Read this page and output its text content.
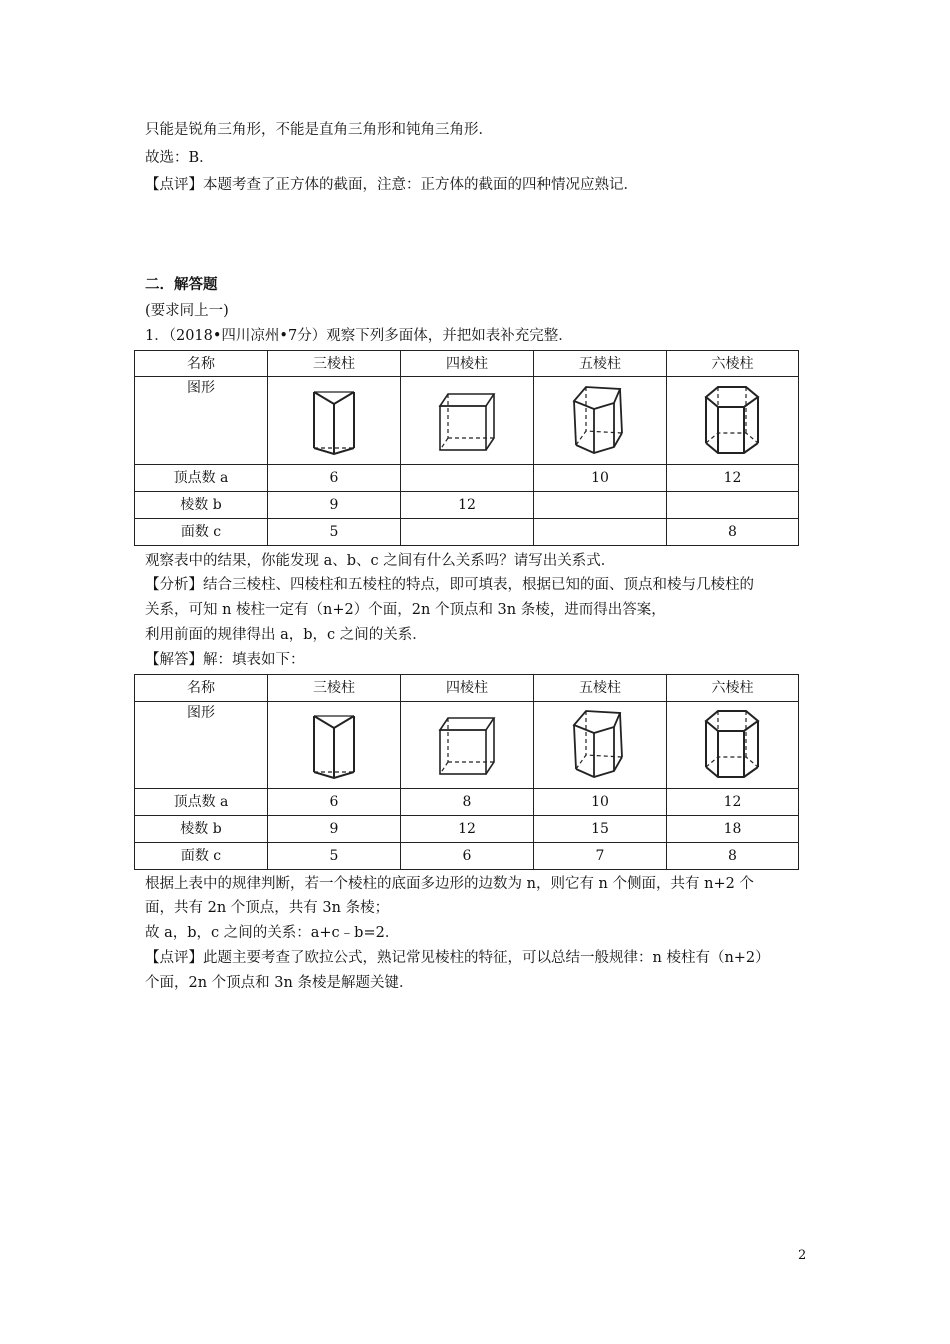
只能是锐角三角形，不能是直角三角形和钝角三角形．
故选：B．
【点评】本题考查了正方体的截面，注意：正方体的截面的四种情况应熟记．
二．解答题
(要求同上一)
1．（2018•四川凉州•7分）观察下列多面体，并把如表补充完整．
名称	三棱柱	四棱柱	五棱柱	六棱柱
图形	

顶点数 a	6		10	12
棱数 b	9	12		
面数 c	5			8
观察表中的结果，你能发现 a、b、c 之间有什么关系吗？请写出关系式．
【分析】结合三棱柱、四棱柱和五棱柱的特点，即可填表，根据已知的面、顶点和棱与几棱柱的
关系，可知 n 棱柱一定有（n+2）个面，2n 个顶点和 3n 条棱，进而得出答案，
利用前面的规律得出 a，b，c 之间的关系．
【解答】解：填表如下：
名称	三棱柱	四棱柱	五棱柱	六棱柱
图形	

顶点数 a	6	8	10	12
棱数 b	9	12	15	18
面数 c	5	6	7	8
根据上表中的规律判断，若一个棱柱的底面多边形的边数为 n，则它有 n 个侧面，共有 n+2 个
面，共有 2n 个顶点，共有 3n 条棱；
故 a，b，c 之间的关系：a+c﹣b=2．
【点评】此题主要考查了欧拉公式，熟记常见棱柱的特征，可以总结一般规律：n 棱柱有（n+2）
个面，2n 个顶点和 3n 条棱是解题关键．
2
